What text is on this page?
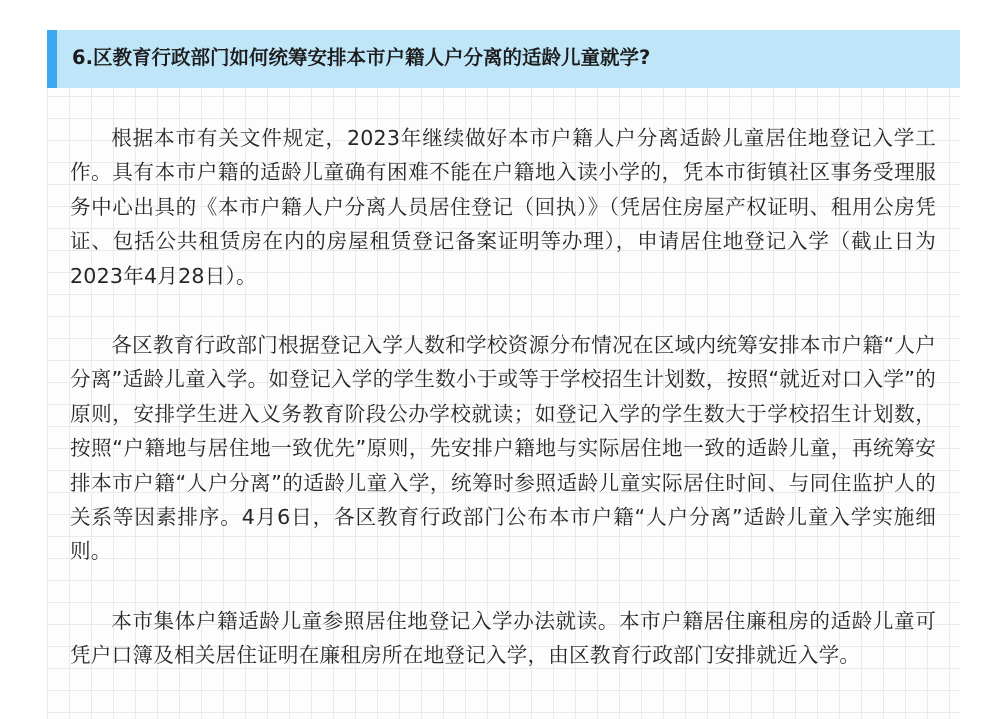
6.区教育行政部门如何统筹安排本市户籍人户分离的适龄儿童就学?

根据本市有关文件规定，2023年继续做好本市户籍人户分离适龄儿童居住地登记入学工作。具有本市户籍的适龄儿童确有困难不能在户籍地入读小学的，凭本市街镇社区事务受理服务中心出具的《本市户籍人户分离人员居住登记（回执）》（凭居住房屋产权证明、租用公房凭证、包括公共租赁房在内的房屋租赁登记备案证明等办理），申请居住地登记入学（截止日为2023年4月28日）。

各区教育行政部门根据登记入学人数和学校资源分布情况在区域内统筹安排本市户籍“人户分离”适龄儿童入学。如登记入学的学生数小于或等于学校招生计划数，按照“就近对口入学”的原则，安排学生进入义务教育阶段公办学校就读；如登记入学的学生数大于学校招生计划数，按照“户籍地与居住地一致优先”原则，先安排户籍地与实际居住地一致的适龄儿童，再统筹安排本市户籍“人户分离”的适龄儿童入学，统筹时参照适龄儿童实际居住时间、与同住监护人的关系等因素排序。4月6日，各区教育行政部门公布本市户籍“人户分离”适龄儿童入学实施细则。

本市集体户籍适龄儿童参照居住地登记入学办法就读。本市户籍居住廉租房的适龄儿童可凭户口簿及相关居住证明在廉租房所在地登记入学，由区教育行政部门安排就近入学。
